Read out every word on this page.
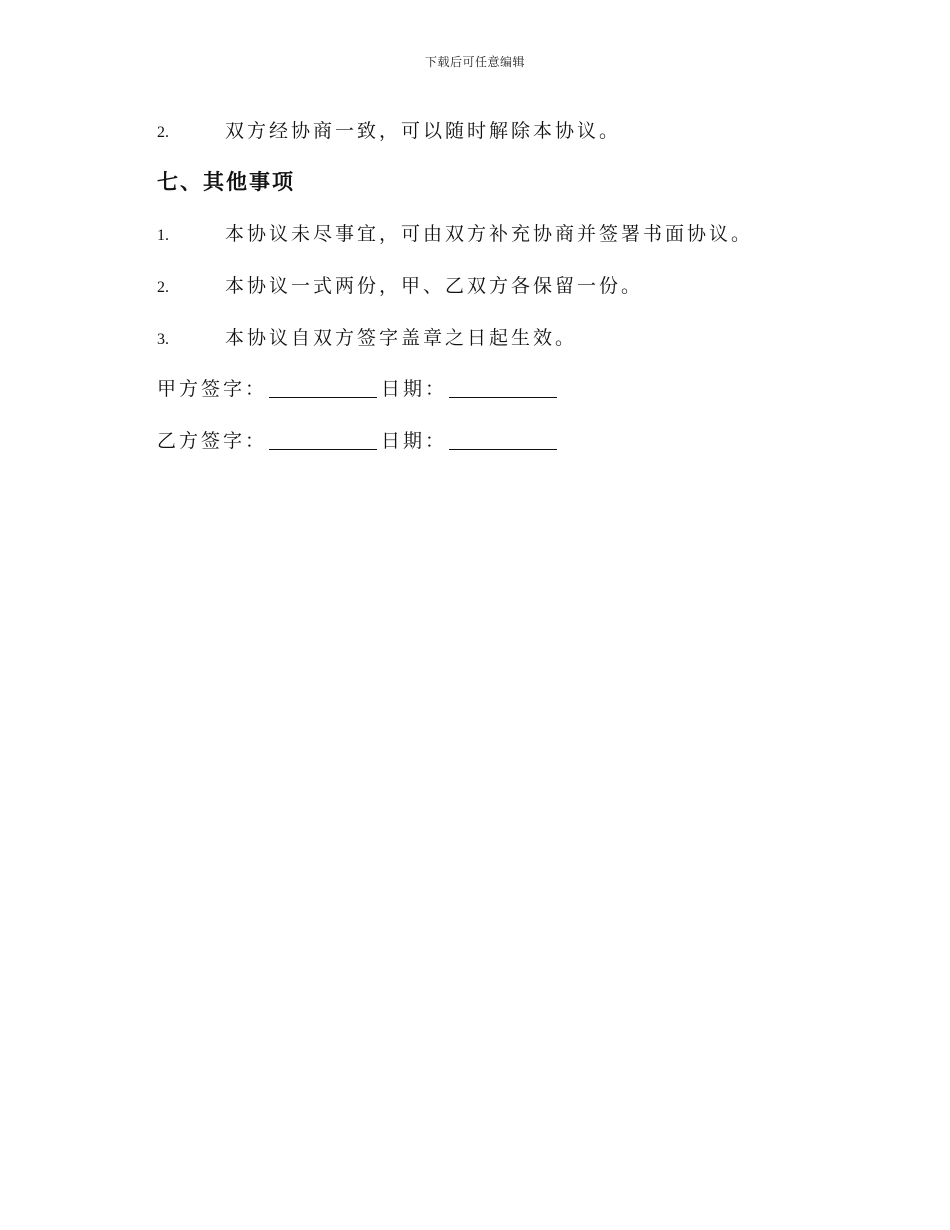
下载后可任意编辑
2.	双方经协商一致，可以随时解除本协议。
七、其他事项
1.	本协议未尽事宜，可由双方补充协商并签署书面协议。
2.	本协议一式两份，甲、乙双方各保留一份。
3.	本协议自双方签字盖章之日起生效。
甲方签字：	日期：
乙方签字：	日期：
